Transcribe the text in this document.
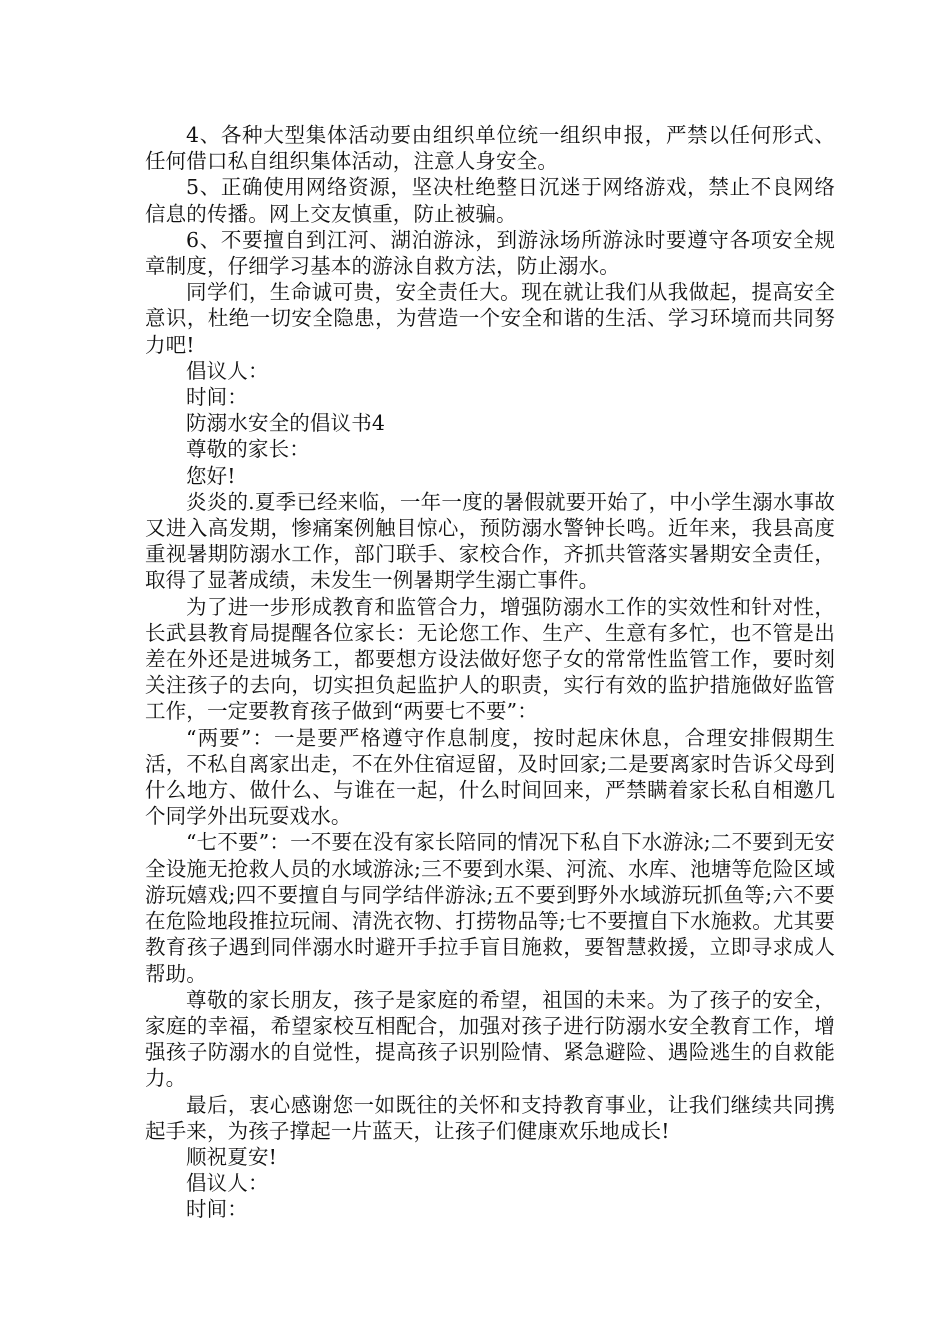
4、各种大型集体活动要由组织单位统一组织申报，严禁以任何形式、任何借口私自组织集体活动，注意人身安全。

5、正确使用网络资源，坚决杜绝整日沉迷于网络游戏，禁止不良网络信息的传播。网上交友慎重，防止被骗。

6、不要擅自到江河、湖泊游泳，到游泳场所游泳时要遵守各项安全规章制度，仔细学习基本的游泳自救方法，防止溺水。

同学们，生命诚可贵，安全责任大。现在就让我们从我做起，提高安全意识，杜绝一切安全隐患，为营造一个安全和谐的生活、学习环境而共同努力吧!

倡议人：

时间：

防溺水安全的倡议书4

尊敬的家长：

您好!

炎炎的.夏季已经来临，一年一度的暑假就要开始了，中小学生溺水事故又进入高发期，惨痛案例触目惊心，预防溺水警钟长鸣。近年来，我县高度重视暑期防溺水工作，部门联手、家校合作，齐抓共管落实暑期安全责任，取得了显著成绩，未发生一例暑期学生溺亡事件。

为了进一步形成教育和监管合力，增强防溺水工作的实效性和针对性，长武县教育局提醒各位家长：无论您工作、生产、生意有多忙，也不管是出差在外还是进城务工，都要想方设法做好您子女的常常性监管工作，要时刻关注孩子的去向，切实担负起监护人的职责，实行有效的监护措施做好监管工作，一定要教育孩子做到“两要七不要”：

“两要”：一是要严格遵守作息制度，按时起床休息，合理安排假期生活，不私自离家出走，不在外住宿逗留，及时回家;二是要离家时告诉父母到什么地方、做什么、与谁在一起，什么时间回来，严禁瞒着家长私自相邀几个同学外出玩耍戏水。

“七不要”：一不要在没有家长陪同的情况下私自下水游泳;二不要到无安全设施无抢救人员的水域游泳;三不要到水渠、河流、水库、池塘等危险区域游玩嬉戏;四不要擅自与同学结伴游泳;五不要到野外水域游玩抓鱼等;六不要在危险地段推拉玩闹、清洗衣物、打捞物品等;七不要擅自下水施救。尤其要教育孩子遇到同伴溺水时避开手拉手盲目施救，要智慧救援，立即寻求成人帮助。

尊敬的家长朋友，孩子是家庭的希望，祖国的未来。为了孩子的安全，家庭的幸福，希望家校互相配合，加强对孩子进行防溺水安全教育工作，增强孩子防溺水的自觉性，提高孩子识别险情、紧急避险、遇险逃生的自救能力。

最后，衷心感谢您一如既往的关怀和支持教育事业，让我们继续共同携起手来，为孩子撑起一片蓝天，让孩子们健康欢乐地成长!

顺祝夏安!

倡议人：

时间：
